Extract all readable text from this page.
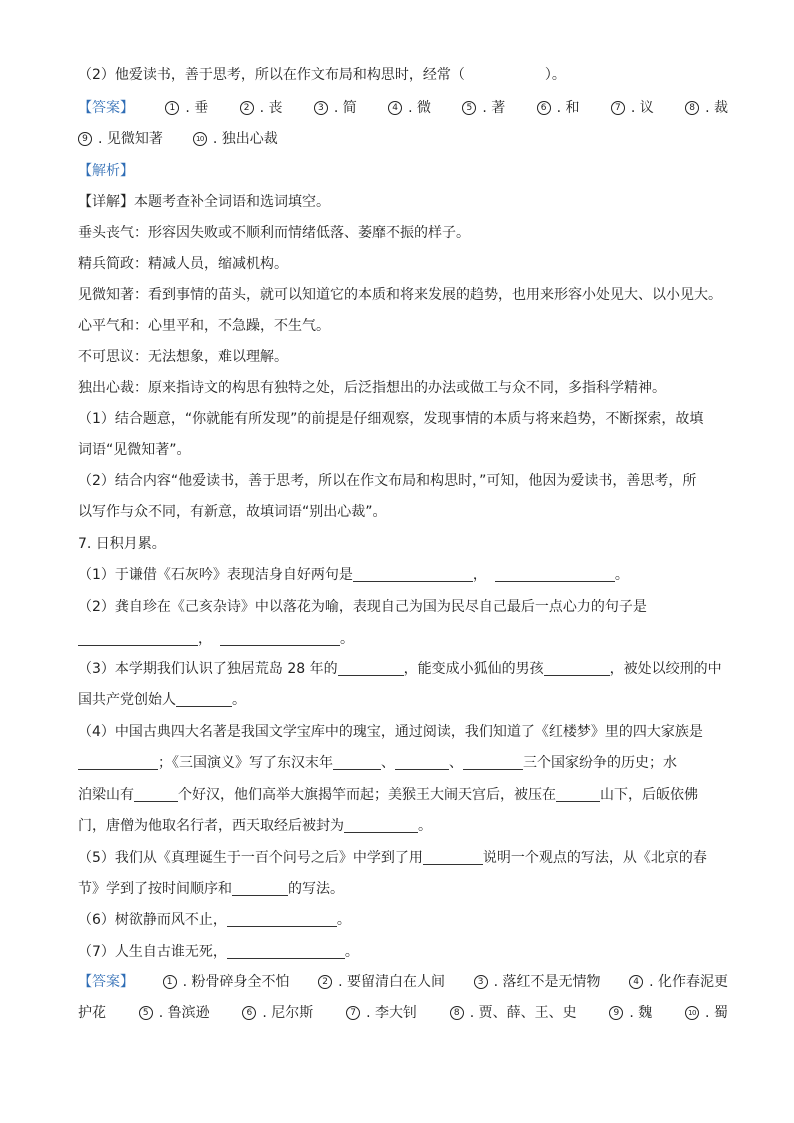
（2）他爱读书，善于思考，所以在作文布局和构思时，经常（	）。
【答案】	1 . 垂	2 . 丧	3 . 简	4 . 微	5 . 著	6 . 和	7 . 议	8 . 裁
9 . 见微知著	10 . 独出心裁
【解析】
【详解】本题考查补全词语和选词填空。
垂头丧气：形容因失败或不顺利而情绪低落、萎靡不振的样子。
精兵简政：精减人员，缩减机构。
见微知著：看到事情的苗头，就可以知道它的本质和将来发展的趋势，也用来形容小处见大、以小见大。
心平气和：心里平和，不急躁，不生气。
不可思议：无法想象，难以理解。
独出心裁：原来指诗文的构思有独特之处，后泛指想出的办法或做工与众不同，多指科学精神。
（1）结合题意，“你就能有所发现”的前提是仔细观察，发现事情的本质与将来趋势，不断探索，故填
词语“见微知著”。
（2）结合内容“他爱读书，善于思考，所以在作文布局和构思时，”可知，他因为爱读书，善思考，所
以写作与众不同，有新意，故填词语“别出心裁”。
7. 日积月累。
（1）于谦借《石灰吟》表现洁身自好两句是	，	。
（2）龚自珍在《己亥杂诗》中以落花为喻，表现自己为国为民尽自己最后一点心力的句子是
，	。
（3）本学期我们认识了独居荒岛 28 年的	，能变成小狐仙的男孩	，被处以绞刑的中
国共产党创始人	。
（4）中国古典四大名著是我国文学宝库中的瑰宝，通过阅读，我们知道了《红楼梦》里的四大家族是
；《三国演义》写了东汉末年	、	、	三个国家纷争的历史；水
泊梁山有	个好汉，他们高举大旗揭竿而起；美猴王大闹天宫后，被压在	山下，后皈依佛
门，唐僧为他取名行者，西天取经后被封为	。
（5）我们从《真理诞生于一百个问号之后》中学到了用	说明一个观点的写法，从《北京的春
节》学到了按时间顺序和	的写法。
（6）树欲静而风不止，	。
（7）人生自古谁无死，	。
【答案】	1 . 粉骨碎身全不怕	2 . 要留清白在人间	3 . 落红不是无情物	4 . 化作春泥更
护花	5 . 鲁滨逊	6 . 尼尔斯	7 . 李大钊	8 . 贾、薛、王、史	9 . 魏	10 . 蜀
